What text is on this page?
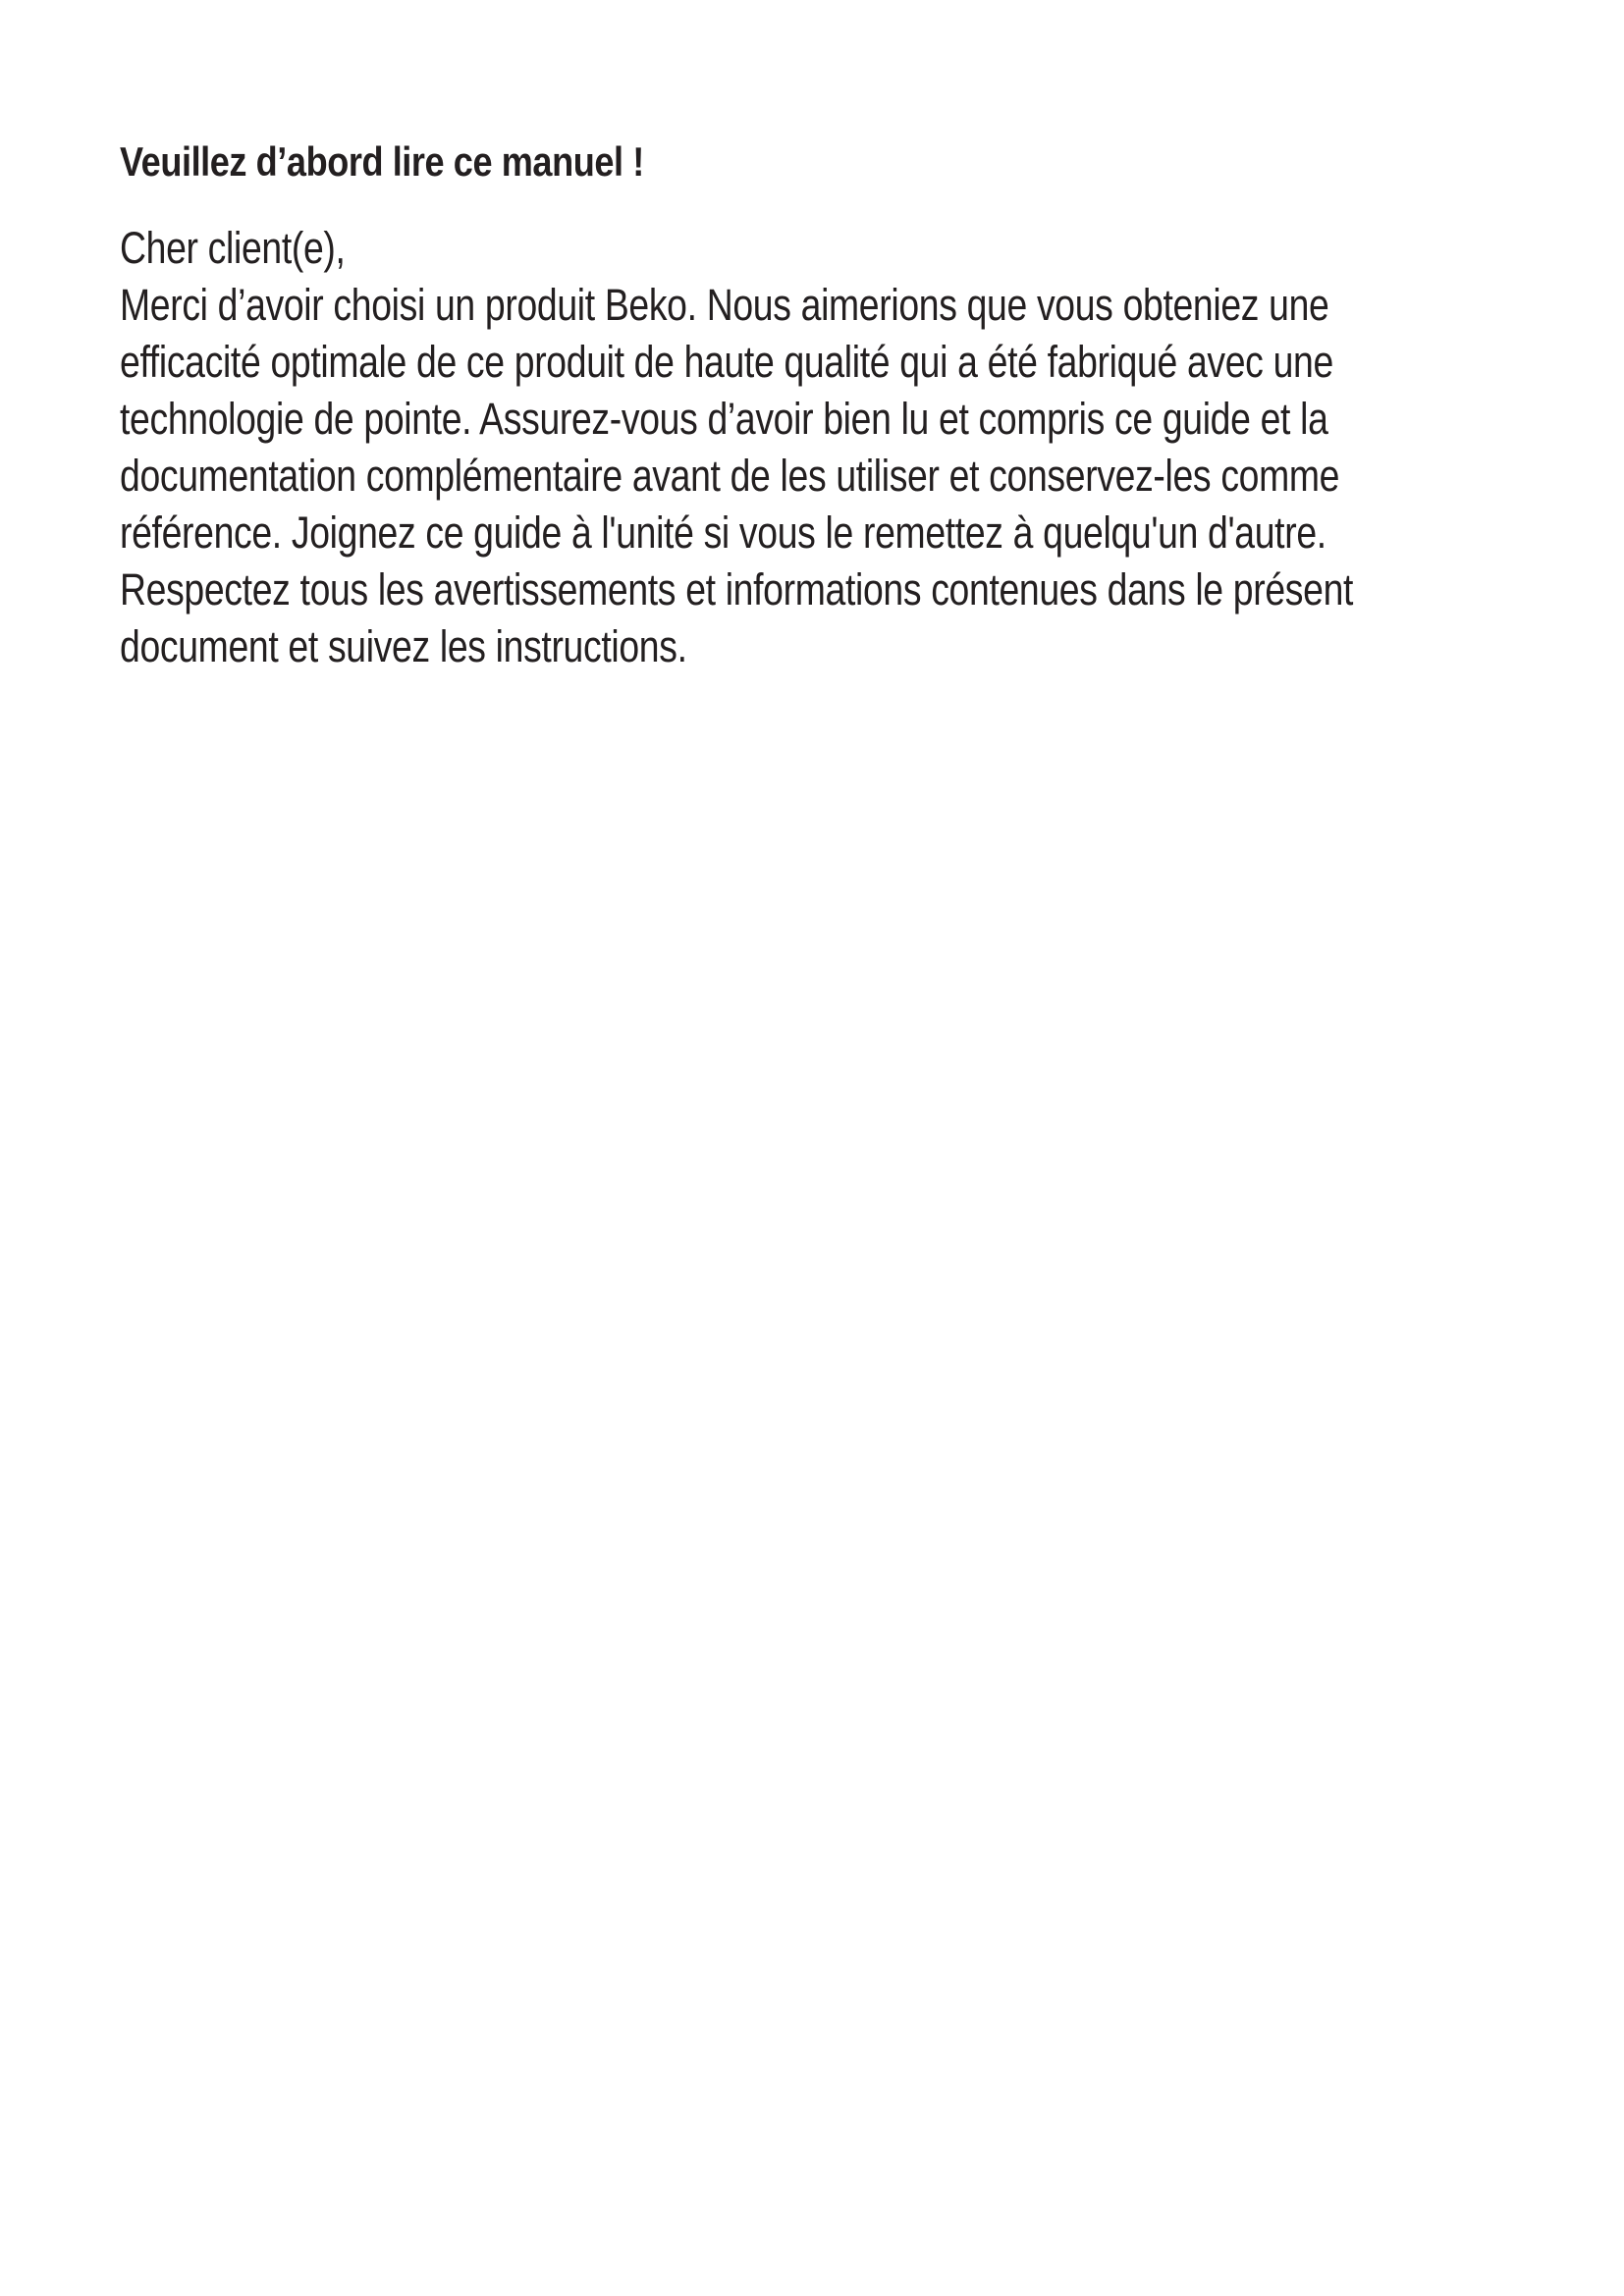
Veuillez d’abord lire ce manuel !
Cher client(e),
Merci d’avoir choisi un produit Beko. Nous aimerions que vous obteniez une
efficacité optimale de ce produit de haute qualité qui a été fabriqué avec une
technologie de pointe. Assurez-vous d’avoir bien lu et compris ce guide et la
documentation complémentaire avant de les utiliser et conservez-les comme
référence. Joignez ce guide à l'unité si vous le remettez à quelqu'un d'autre.
Respectez tous les avertissements et informations contenues dans le présent
document et suivez les instructions.
